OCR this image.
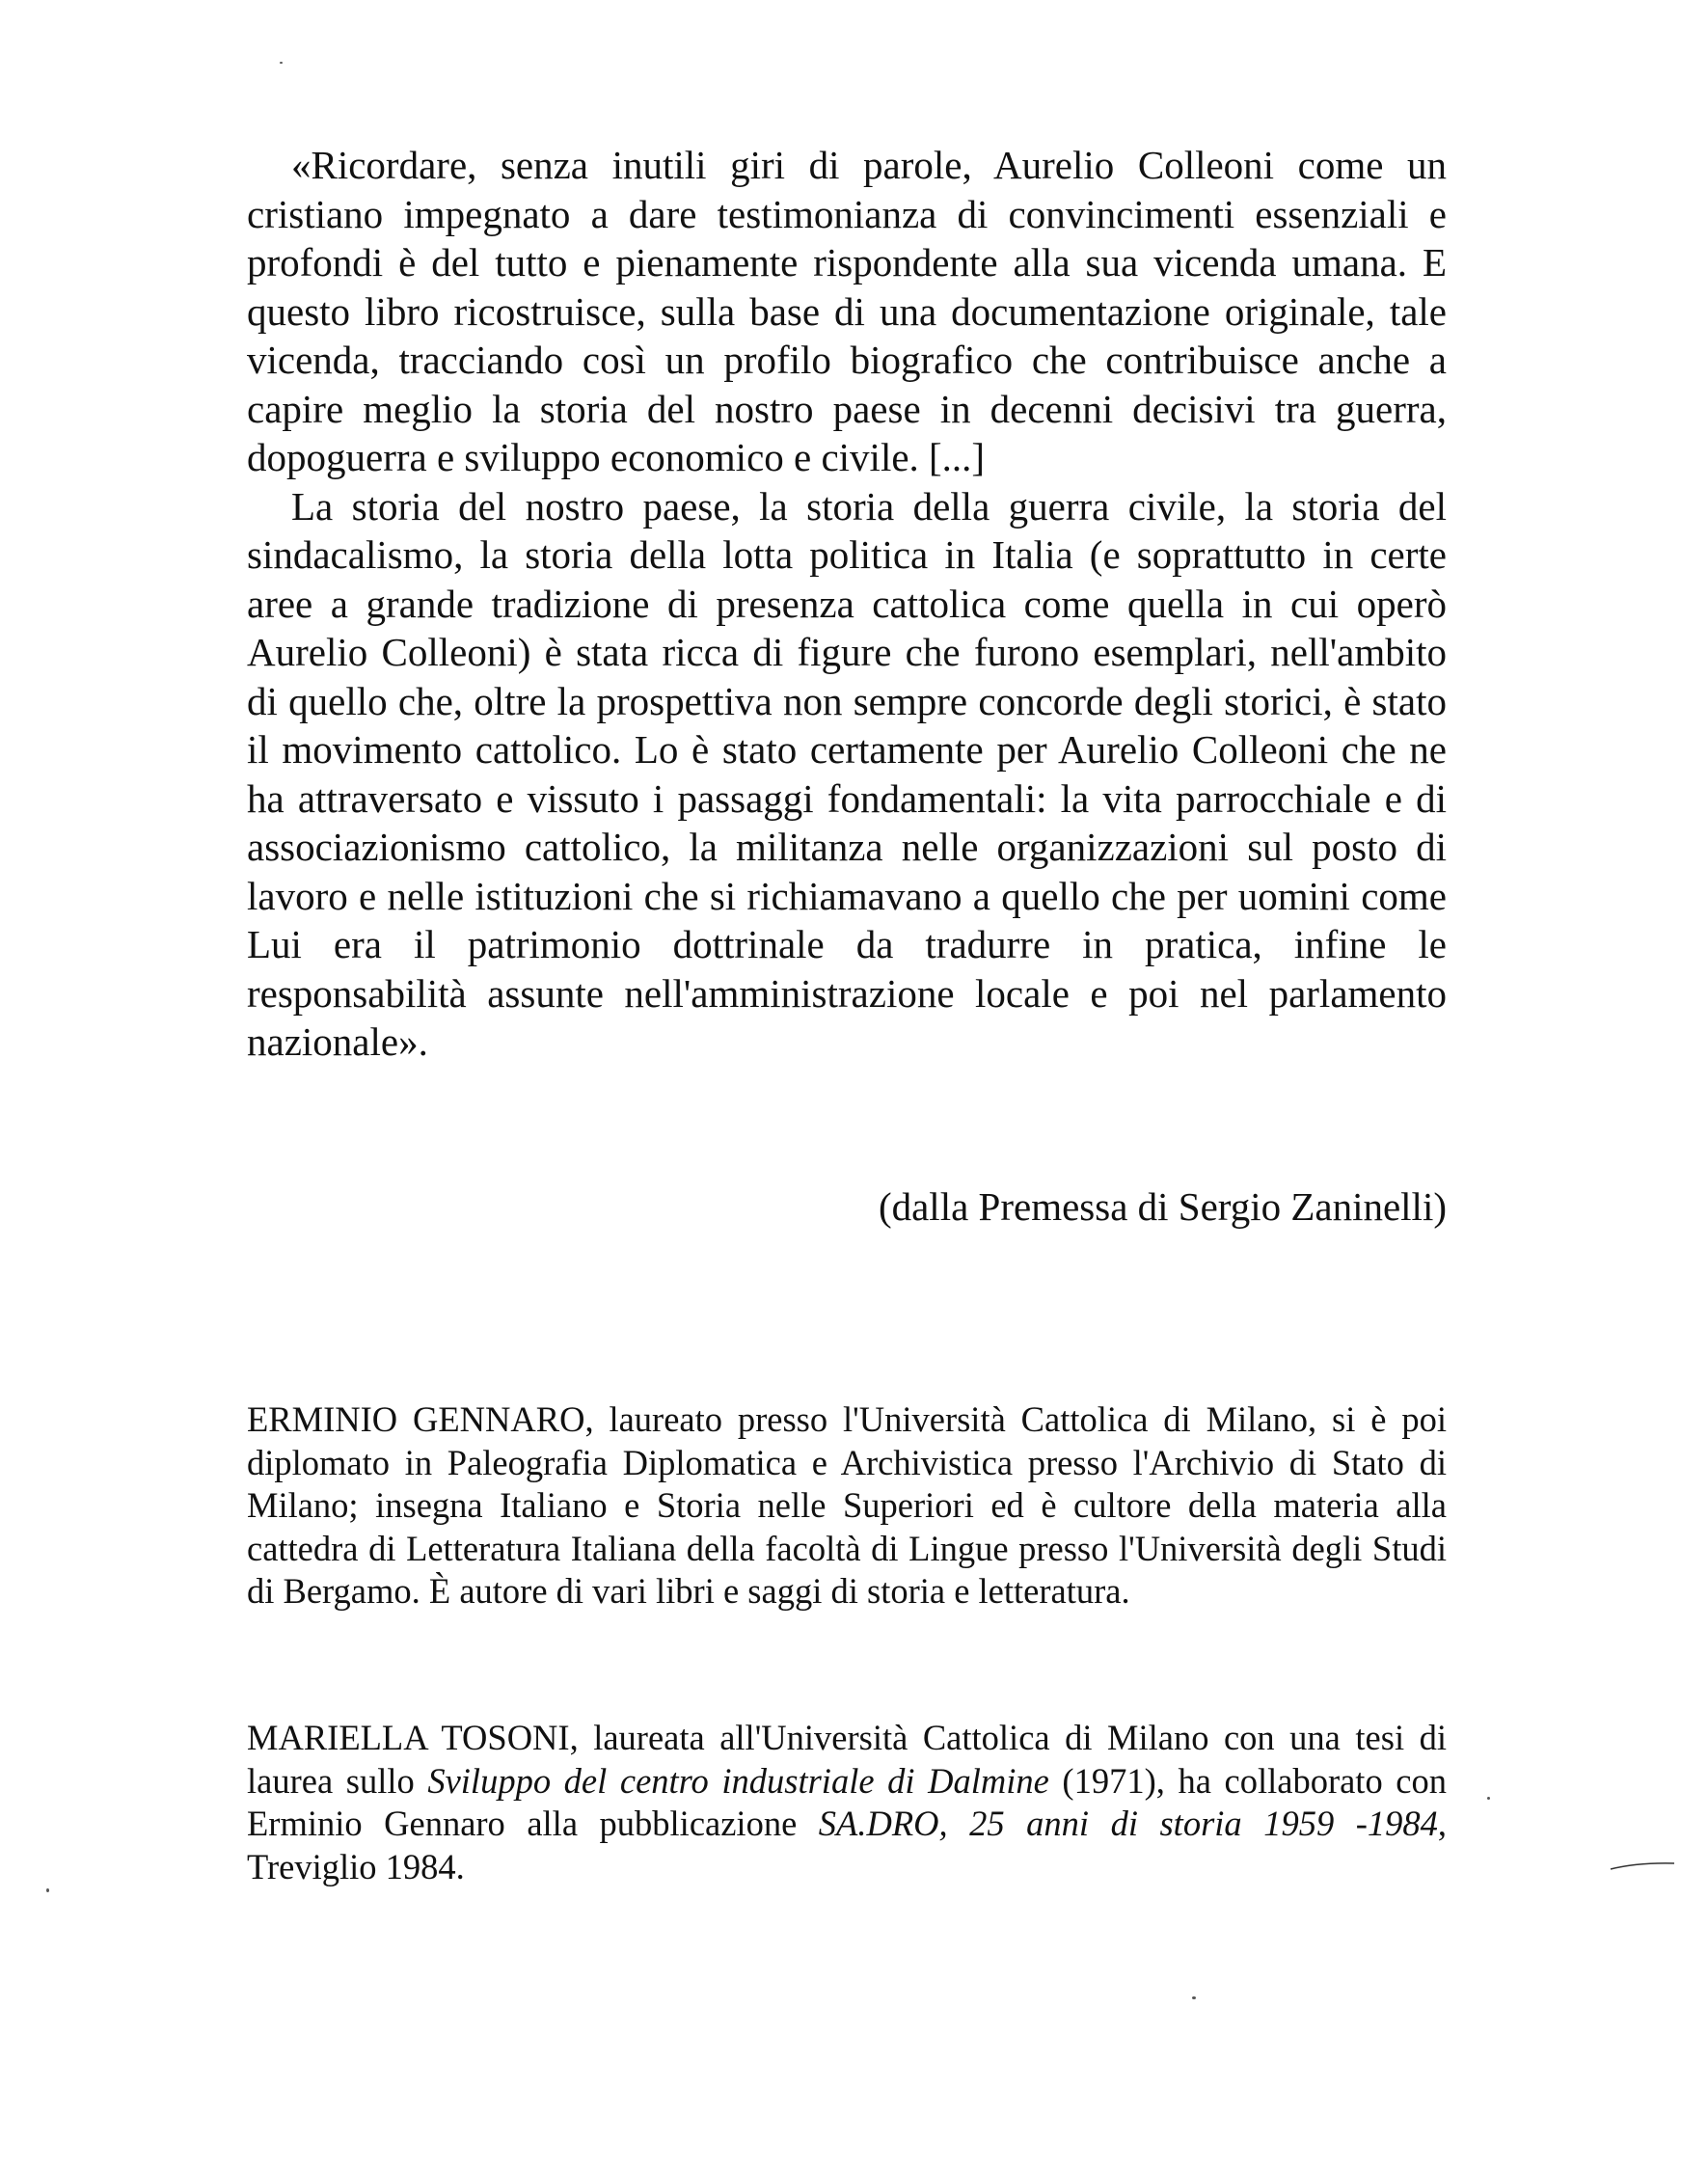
«Ricordare, senza inutili giri di parole, Aurelio Colleoni come un cristiano impegnato a dare testimonianza di convincimenti essenziali e profondi è del tutto e pienamente rispondente alla sua vicenda umana. E questo libro ricostruisce, sulla base di una documentazione originale, tale vicenda, tracciando così un profilo biografico che contribuisce anche a capire meglio la storia del nostro paese in decenni decisivi tra guerra, dopoguerra e sviluppo economico e civile. [...]

La storia del nostro paese, la storia della guerra civile, la storia del sindacalismo, la storia della lotta politica in Italia (e soprattutto in certe aree a grande tradizione di presenza cattolica come quella in cui operò Aurelio Colleoni) è stata ricca di figure che furono esemplari, nell'ambito di quello che, oltre la prospettiva non sempre concorde degli storici, è stato il movimento cattolico. Lo è stato certamente per Aurelio Colleoni che ne ha attraversato e vissuto i passaggi fondamentali: la vita parrocchiale e di associazionismo cattolico, la militanza nelle organizzazioni sul posto di lavoro e nelle istituzioni che si richiamavano a quello che per uomini come Lui era il patrimonio dottrinale da tradurre in pratica, infine le responsabilità assunte nell'amministrazione locale e poi nel parlamento nazionale».

(dalla Premessa di Sergio Zaninelli)

ERMINIO GENNARO, laureato presso l'Università Cattolica di Milano, si è poi diplomato in Paleografia Diplomatica e Archivistica presso l'Archivio di Stato di Milano; insegna Italiano e Storia nelle Superiori ed è cultore della materia alla cattedra di Letteratura Italiana della facoltà di Lingue presso l'Università degli Studi di Bergamo. È autore di vari libri e saggi di storia e letteratura.

MARIELLA TOSONI, laureata all'Università Cattolica di Milano con una tesi di laurea sullo Sviluppo del centro industriale di Dalmine (1971), ha collaborato con Erminio Gennaro alla pubblicazione SA.DRO, 25 anni di storia 1959 -1984, Treviglio 1984.
